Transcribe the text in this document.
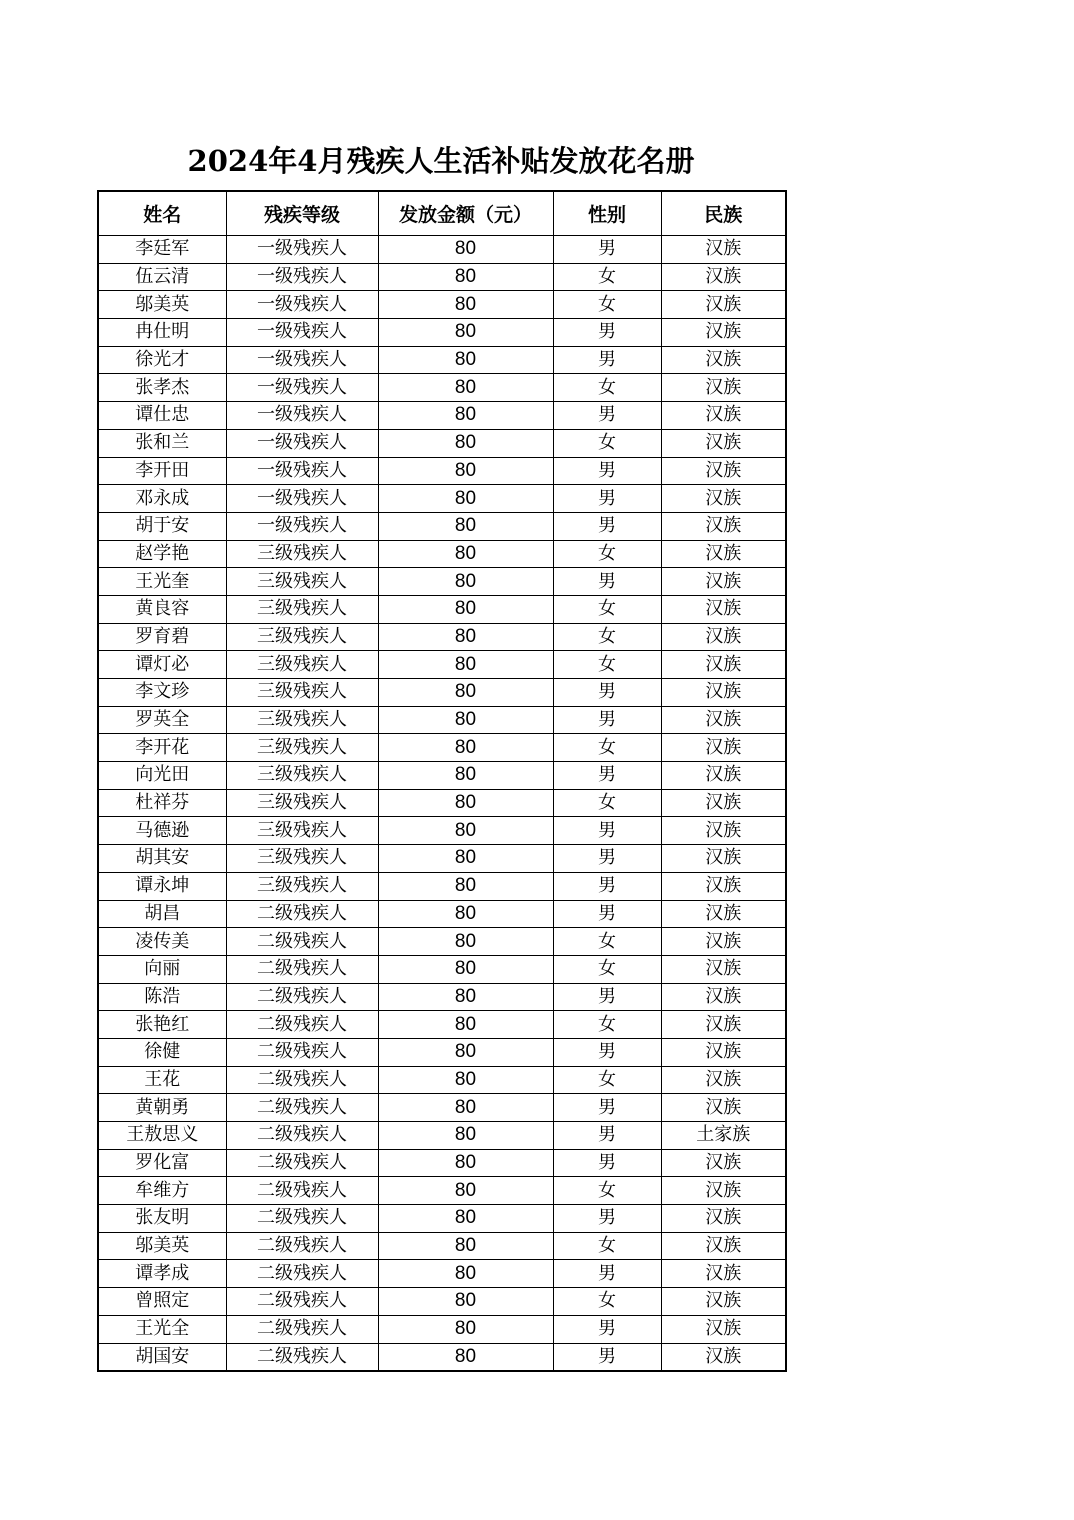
2024年4月残疾人生活补贴发放花名册
姓名	残疾等级	发放金额（元）	性别	民族
李廷军	一级残疾人	80	男	汉族
伍云清	一级残疾人	80	女	汉族
邬美英	一级残疾人	80	女	汉族
冉仕明	一级残疾人	80	男	汉族
徐光才	一级残疾人	80	男	汉族
张孝杰	一级残疾人	80	女	汉族
谭仕忠	一级残疾人	80	男	汉族
张和兰	一级残疾人	80	女	汉族
李开田	一级残疾人	80	男	汉族
邓永成	一级残疾人	80	男	汉族
胡于安	一级残疾人	80	男	汉族
赵学艳	三级残疾人	80	女	汉族
王光奎	三级残疾人	80	男	汉族
黄良容	三级残疾人	80	女	汉族
罗育碧	三级残疾人	80	女	汉族
谭灯必	三级残疾人	80	女	汉族
李文珍	三级残疾人	80	男	汉族
罗英全	三级残疾人	80	男	汉族
李开花	三级残疾人	80	女	汉族
向光田	三级残疾人	80	男	汉族
杜祥芬	三级残疾人	80	女	汉族
马德逊	三级残疾人	80	男	汉族
胡其安	三级残疾人	80	男	汉族
谭永坤	三级残疾人	80	男	汉族
胡昌	二级残疾人	80	男	汉族
凌传美	二级残疾人	80	女	汉族
向丽	二级残疾人	80	女	汉族
陈浩	二级残疾人	80	男	汉族
张艳红	二级残疾人	80	女	汉族
徐健	二级残疾人	80	男	汉族
王花	二级残疾人	80	女	汉族
黄朝勇	二级残疾人	80	男	汉族
王敖思义	二级残疾人	80	男	土家族
罗化富	二级残疾人	80	男	汉族
牟维方	二级残疾人	80	女	汉族
张友明	二级残疾人	80	男	汉族
邬美英	二级残疾人	80	女	汉族
谭孝成	二级残疾人	80	男	汉族
曾照定	二级残疾人	80	女	汉族
王光全	二级残疾人	80	男	汉族
胡国安	二级残疾人	80	男	汉族
